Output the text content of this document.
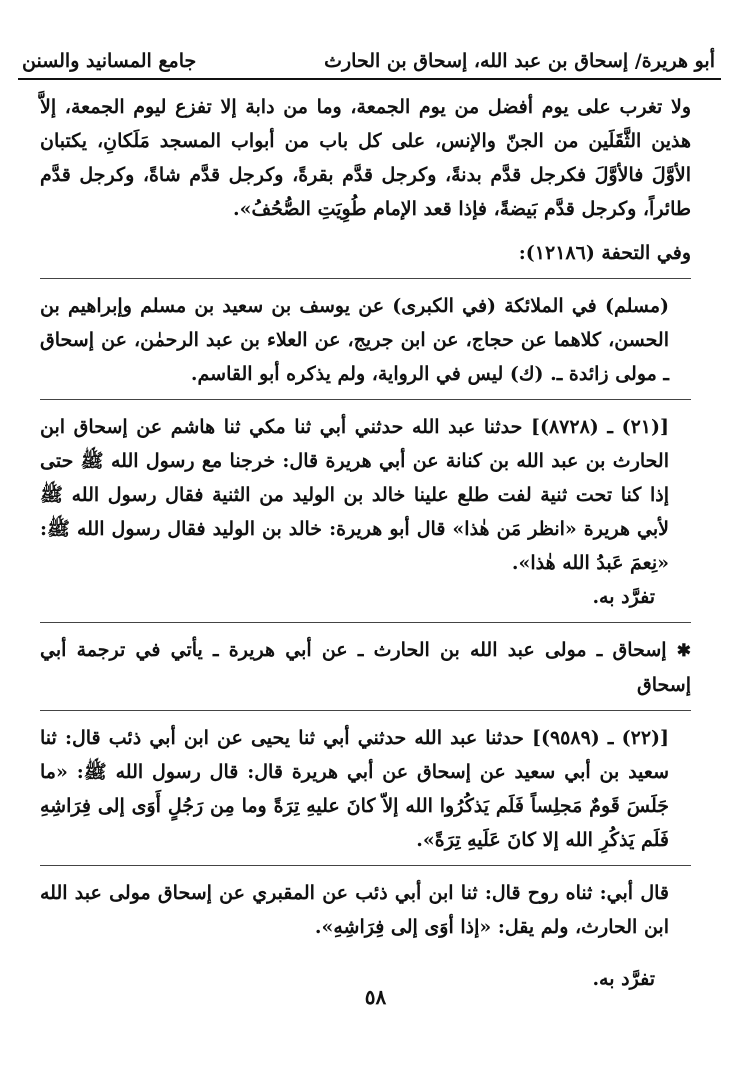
أبو هريرة/ إسحاق بن عبد الله، إسحاق بن الحارث
جامع المسانيد والسنن

ولا تغرب على يوم أفضل من يوم الجمعة، وما من دابة إلا تفزع ليوم الجمعة، إلاَّ هذين الثَّقَلَين من الجنّ والإنس، على كل باب من أبواب المسجد مَلَكانِ، يكتبان الأوَّلَ فالأوَّلَ فكرجل قدَّم بدنةً، وكرجل قدَّم بقرةً، وكرجل قدَّم شاةً، وكرجل قدَّم طائراً، وكرجل قدَّم بَيضةً، فإذا قعد الإمام طُوِيَتِ الصُّحُفُ».

وفي التحفة (١٢١٨٦):

(مسلم) في الملائكة (في الكبرى) عن يوسف بن سعيد بن مسلم وإبراهيم بن الحسن، كلاهما عن حجاج، عن ابن جريج، عن العلاء بن عبد الرحمٰن، عن إسحاق ـ مولى زائدة ـ. (ك) ليس في الرواية، ولم يذكره أبو القاسم.

[(٢١) ـ (٨٧٢٨)] حدثنا عبد الله حدثني أبي ثنا مكي ثنا هاشم عن إسحاق ابن الحارث بن عبد الله بن كنانة عن أبي هريرة قال: خرجنا مع رسول الله ﷺ حتى إذا كنا تحت ثنية لفت طلع علينا خالد بن الوليد من الثنية فقال رسول الله ﷺ لأبي هريرة «انظر مَن هٰذا» قال أبو هريرة: خالد بن الوليد فقال رسول الله ﷺ: «نِعمَ عَبدُ الله هٰذا».

تفرَّد به.

✱ إسحاق ـ مولى عبد الله بن الحارث ـ عن أبي هريرة ـ يأتي في ترجمة أبي إسحاق

[(٢٢) ـ (٩٥٨٩)] حدثنا عبد الله حدثني أبي ثنا يحيى عن ابن أبي ذئب قال: ثنا سعيد بن أبي سعيد عن إسحاق عن أبي هريرة قال: قال رسول الله ﷺ: «ما جَلَسَ قَومٌ مَجلِساً فَلَم يَذكُرُوا الله إلاّ كانَ عليهِ تِرَةً وما مِن رَجُلٍ أَوَى إلى فِرَاشِهِ فَلَم يَذكُرِ الله إلا كانَ عَلَيهِ تِرَةً».

قال أبي: ثناه روح قال: ثنا ابن أبي ذئب عن المقبري عن إسحاق مولى عبد الله ابن الحارث، ولم يقل: «إذا أوَى إلى فِرَاشِهِ».

تفرَّد به.

٥٨
